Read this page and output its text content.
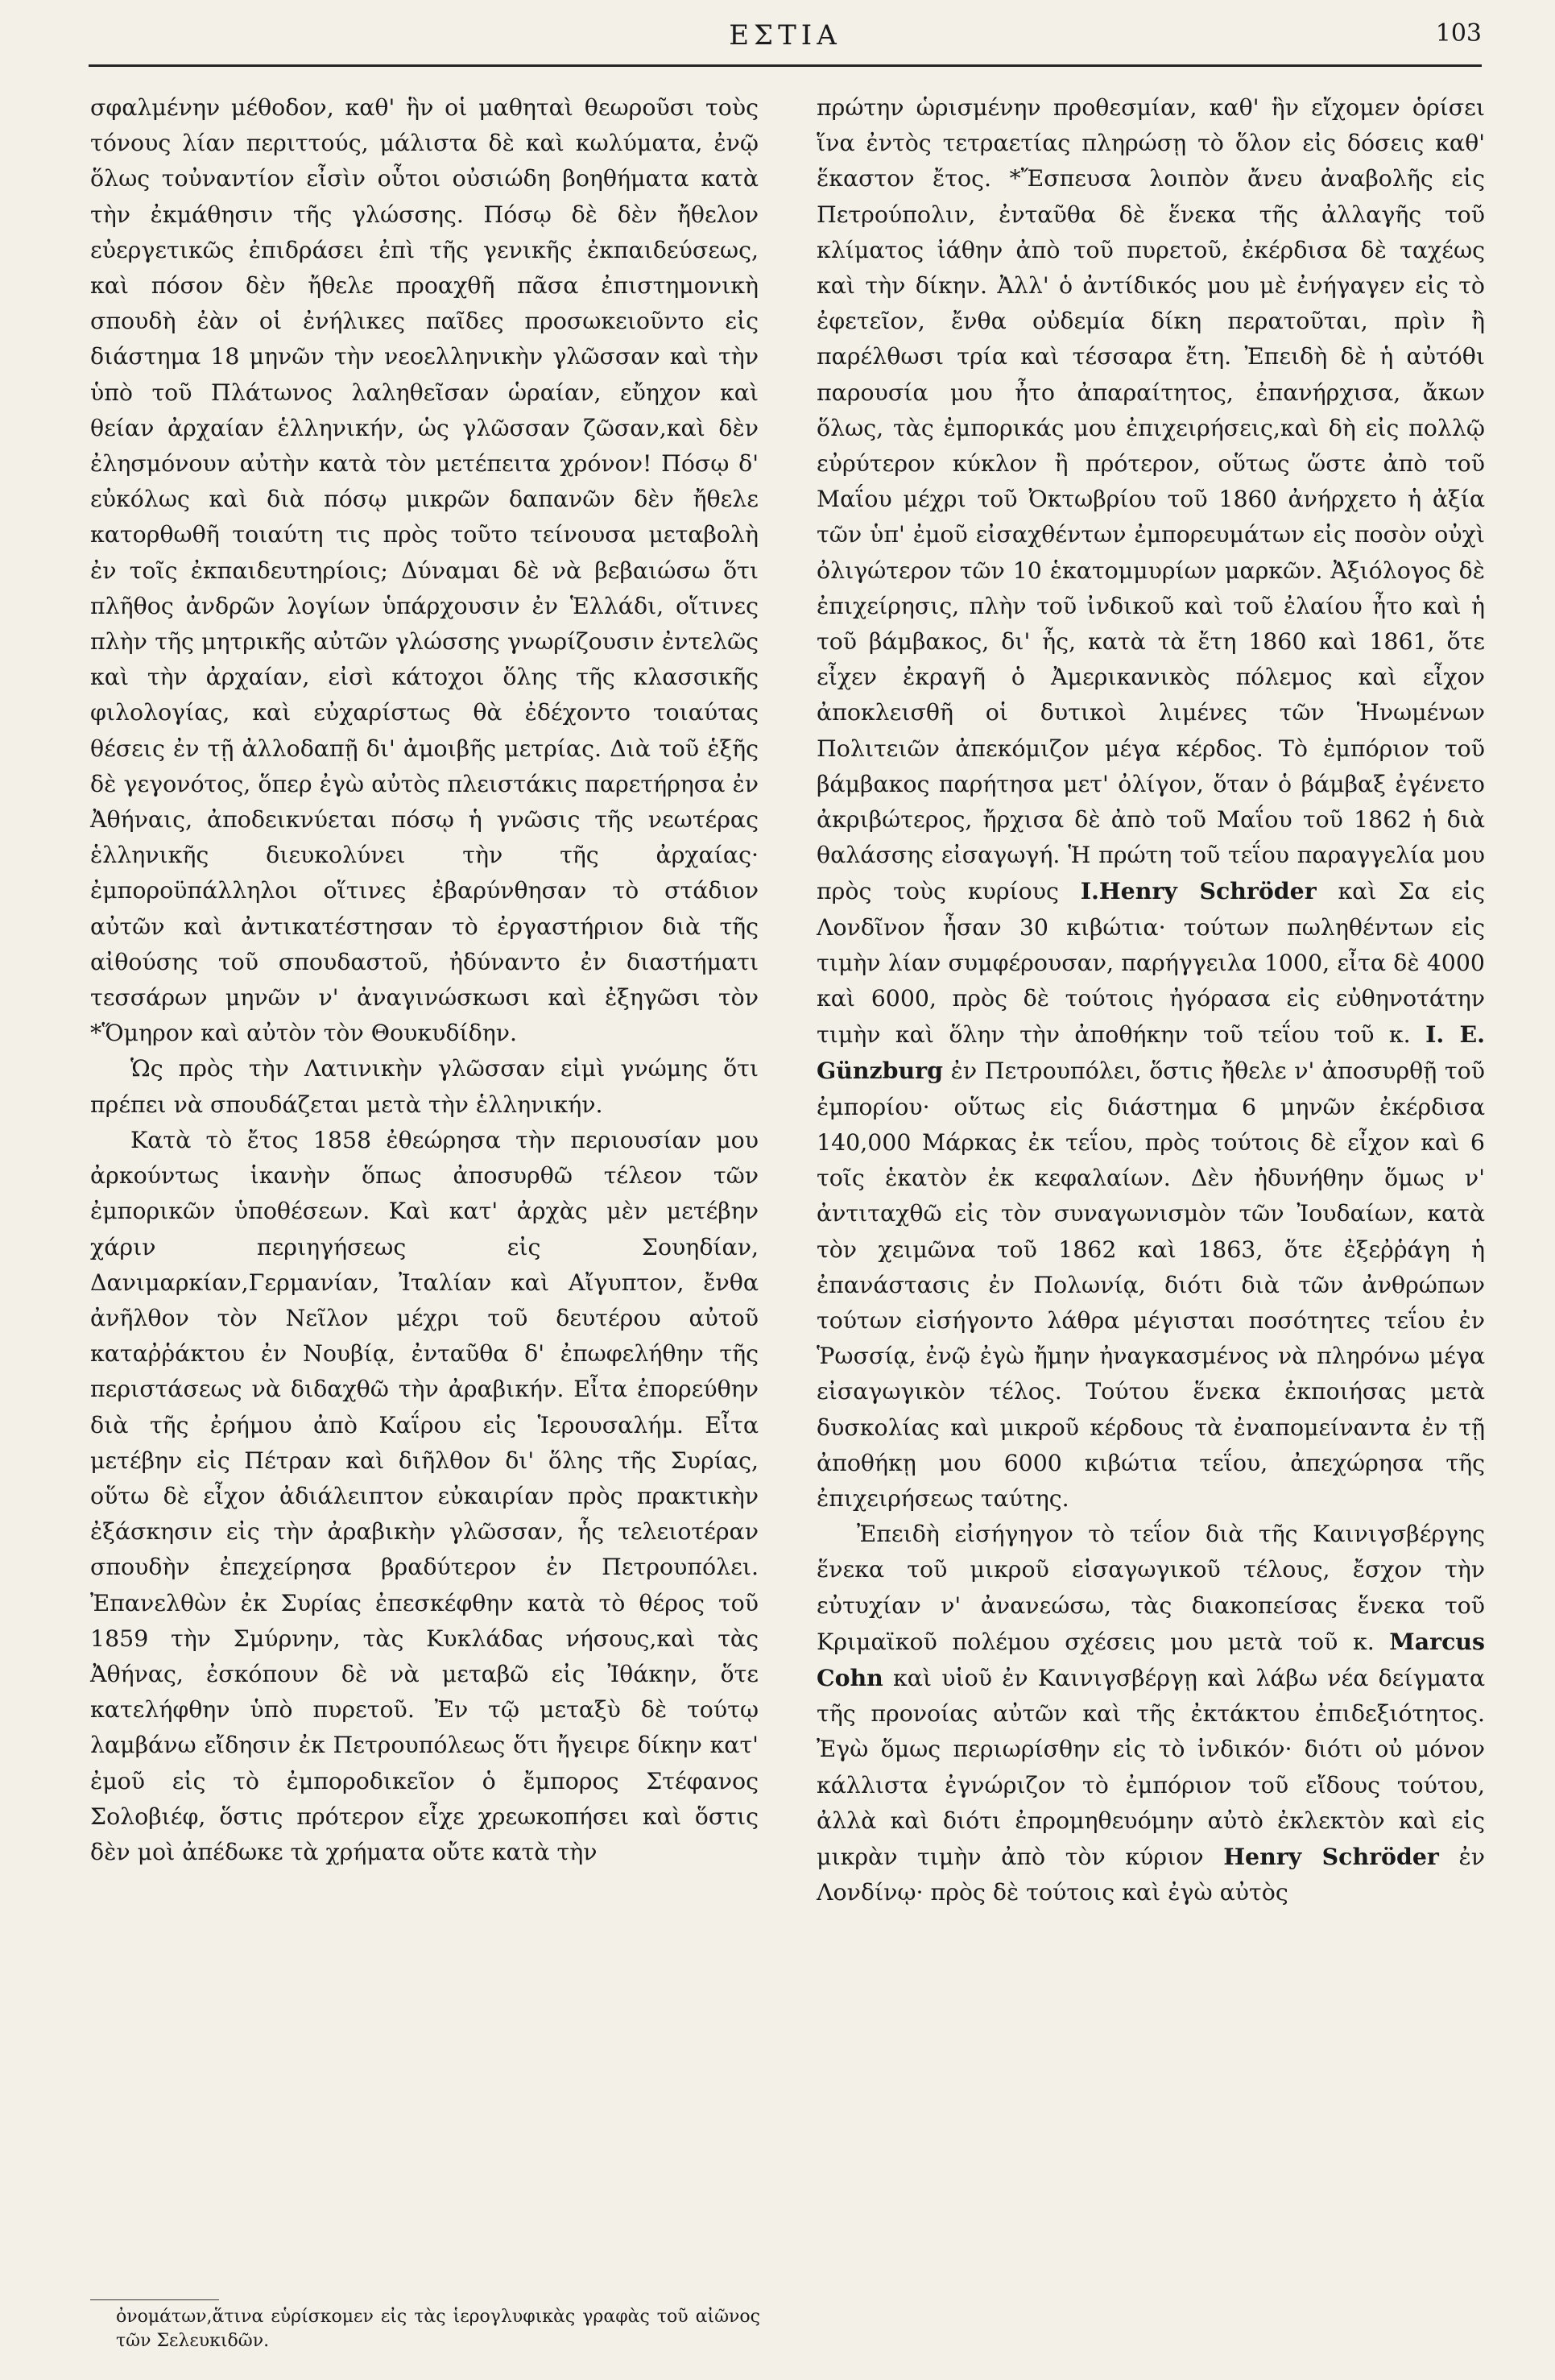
ΕΣΤΙΑ	103

σφαλμένην μέθοδον, καθ' ἣν οἱ μαθηταὶ θεωροῦσι τοὺς τόνους λίαν περιττούς, μάλιστα δὲ καὶ κωλύματα, ἐνῷ ὅλως τοὐναντίον εἶσὶν οὗτοι οὐσιώδη βοηθήματα κατὰ τὴν ἐκμάθησιν τῆς γλώσσης. Πόσῳ δὲ δὲν ἤθελον εὐεργετικῶς ἐπιδράσει ἐπὶ τῆς γενικῆς ἐκπαιδεύσεως, καὶ πόσον δὲν ἤθελε προαχθῆ πᾶσα ἐπιστημονικὴ σπουδὴ ἐὰν οἱ ἐνήλικες παῖδες προσωκειοῦντο εἰς διάστημα 18 μηνῶν τὴν νεοελληνικὴν γλῶσσαν καὶ τὴν ὑπὸ τοῦ Πλάτωνος λαληθεῖσαν ὡραίαν, εὔηχον καὶ θείαν ἀρχαίαν ἑλληνικήν, ὡς γλῶσσαν ζῶσαν,καὶ δὲν ἐλησμόνουν αὐτὴν κατὰ τὸν μετέπειτα χρόνον! Πόσῳ δ' εὐκόλως καὶ διὰ πόσῳ μικρῶν δαπανῶν δὲν ἤθελε κατορθωθῆ τοιαύτη τις πρὸς τοῦτο τείνουσα μεταβολὴ ἐν τοῖς ἐκπαιδευτηρίοις; Δύναμαι δὲ νὰ βεβαιώσω ὅτι πλῆθος ἀνδρῶν λογίων ὑπάρχουσιν ἐν Ἑλλάδι, οἵτινες πλὴν τῆς μητρικῆς αὐτῶν γλώσσης γνωρίζουσιν ἐντελῶς καὶ τὴν ἀρχαίαν, εἰσὶ κάτοχοι ὅλης τῆς κλασσικῆς φιλολογίας, καὶ εὐχαρίστως θὰ ἐδέχοντο τοιαύτας θέσεις ἐν τῇ ἀλλοδαπῇ δι' ἀμοιβῆς μετρίας. Διὰ τοῦ ἑξῆς δὲ γεγονότος, ὅπερ ἐγὼ αὐτὸς πλειστάκις παρετήρησα ἐν Ἀθήναις, ἀποδεικνύεται πόσῳ ἡ γνῶσις τῆς νεωτέρας ἑλληνικῆς διευκολύνει τὴν τῆς ἀρχαίας· ἐμποροϋπάλληλοι οἵτινες ἐβαρύνθησαν τὸ στάδιον αὐτῶν καὶ ἀντικατέστησαν τὸ ἐργαστήριον διὰ τῆς αἰθούσης τοῦ σπουδαστοῦ, ἠδύναντο ἐν διαστήματι τεσσάρων μηνῶν ν' ἀναγινώσκωσι καὶ ἐξηγῶσι τὸν *Ὅμηρον καὶ αὐτὸν τὸν Θουκυδίδην.

Ὡς πρὸς τὴν Λατινικὴν γλῶσσαν εἰμὶ γνώμης ὅτι πρέπει νὰ σπουδάζεται μετὰ τὴν ἑλληνικήν.

Κατὰ τὸ ἔτος 1858 ἐθεώρησα τὴν περιουσίαν μου ἀρκούντως ἱκανὴν ὅπως ἀποσυρθῶ τέλεον τῶν ἐμπορικῶν ὑποθέσεων. Καὶ κατ' ἀρχὰς μὲν μετέβην χάριν περιηγήσεως εἰς Σουηδίαν, Δανιμαρκίαν,Γερμανίαν, Ἰταλίαν καὶ Αἴγυπτον, ἔνθα ἀνῆλθον τὸν Νεῖλον μέχρι τοῦ δευτέρου αὐτοῦ καταῤῥάκτου ἐν Νουβίᾳ, ἐνταῦθα δ' ἐπωφελήθην τῆς περιστάσεως νὰ διδαχθῶ τὴν ἀραβικήν. Εἶτα ἐπορεύθην διὰ τῆς ἐρήμου ἀπὸ Καΐρου εἰς Ἱερουσαλήμ. Εἶτα μετέβην εἰς Πέτραν καὶ διῆλθον δι' ὅλης τῆς Συρίας, οὕτω δὲ εἶχον ἀδιάλειπτον εὐκαιρίαν πρὸς πρακτικὴν ἐξάσκησιν εἰς τὴν ἀραβικὴν γλῶσσαν, ἧς τελειοτέραν σπουδὴν ἐπεχείρησα βραδύτερον ἐν Πετρουπόλει. Ἐπανελθὼν ἐκ Συρίας ἐπεσκέφθην κατὰ τὸ θέρος τοῦ 1859 τὴν Σμύρνην, τὰς Κυκλάδας νήσους,καὶ τὰς Ἀθήνας, ἐσκόπουν δὲ νὰ μεταβῶ εἰς Ἰθάκην, ὅτε κατελήφθην ὑπὸ πυρετοῦ. Ἐν τῷ μεταξὺ δὲ τούτῳ λαμβάνω εἴδησιν ἐκ Πετρουπόλεως ὅτι ἤγειρε δίκην κατ' ἐμοῦ εἰς τὸ ἐμποροδικεῖον ὁ ἔμπορος Στέφανος Σολοβιέφ, ὅστις πρότερον εἶχε χρεωκοπήσει καὶ ὅστις δὲν μοὶ ἀπέδωκε τὰ χρήματα οὔτε κατὰ τὴν

ὀνομάτων,ἅτινα εὑρίσκομεν εἰς τὰς ἱερογλυφικὰς γραφὰς τοῦ αἰῶνος τῶν Σελευκιδῶν.

πρώτην ὡρισμένην προθεσμίαν, καθ' ἣν εἴχομεν ὁρίσει ἵνα ἐντὸς τετραετίας πληρώσῃ τὸ ὅλον εἰς δόσεις καθ' ἕκαστον ἔτος. *Ἔσπευσα λοιπὸν ἄνευ ἀναβολῆς εἰς Πετρούπολιν, ἐνταῦθα δὲ ἕνεκα τῆς ἀλλαγῆς τοῦ κλίματος ἰάθην ἀπὸ τοῦ πυρετοῦ, ἐκέρδισα δὲ ταχέως καὶ τὴν δίκην. Ἀλλ' ὁ ἀντίδικός μου μὲ ἐνήγαγεν εἰς τὸ ἐφετεῖον, ἔνθα οὐδεμία δίκη περατοῦται, πρὶν ἢ παρέλθωσι τρία καὶ τέσσαρα ἔτη. Ἐπειδὴ δὲ ἡ αὐτόθι παρουσία μου ἦτο ἀπαραίτητος, ἐπανήρχισα, ἄκων ὅλως, τὰς ἐμπορικάς μου ἐπιχειρήσεις,καὶ δὴ εἰς πολλῷ εὐρύτερον κύκλον ἢ πρότερον, οὕτως ὥστε ἀπὸ τοῦ Μαΐου μέχρι τοῦ Ὀκτωβρίου τοῦ 1860 ἀνήρχετο ἡ ἀξία τῶν ὑπ' ἐμοῦ εἰσαχθέντων ἐμπορευμάτων εἰς ποσὸν οὐχὶ ὀλιγώτερον τῶν 10 ἑκατομμυρίων μαρκῶν. Ἀξιόλογος δὲ ἐπιχείρησις, πλὴν τοῦ ἰνδικοῦ καὶ τοῦ ἐλαίου ἦτο καὶ ἡ τοῦ βάμβακος, δι' ἧς, κατὰ τὰ ἔτη 1860 καὶ 1861, ὅτε εἶχεν ἐκραγῆ ὁ Ἀμερικανικὸς πόλεμος καὶ εἶχον ἀποκλεισθῆ οἱ δυτικοὶ λιμένες τῶν Ἡνωμένων Πολιτειῶν ἀπεκόμιζον μέγα κέρδος. Τὸ ἐμπόριον τοῦ βάμβακος παρήτησα μετ' ὀλίγον, ὅταν ὁ βάμβαξ ἐγένετο ἀκριβώτερος, ἤρχισα δὲ ἀπὸ τοῦ Μαΐου τοῦ 1862 ἡ διὰ θαλάσσης εἰσαγωγή. Ἡ πρώτη τοῦ τεΐου παραγγελία μου πρὸς τοὺς κυρίους I.Henry Schröder καὶ Σα εἰς Λονδῖνον ἦσαν 30 κιβώτια· τούτων πωληθέντων εἰς τιμὴν λίαν συμφέρουσαν, παρήγγειλα 1000, εἶτα δὲ 4000 καὶ 6000, πρὸς δὲ τούτοις ἠγόρασα εἰς εὐθηνοτάτην τιμὴν καὶ ὅλην τὴν ἀποθήκην τοῦ τεΐου τοῦ κ. I. E. Günzburg ἐν Πετρουπόλει, ὅστις ἤθελε ν' ἀποσυρθῇ τοῦ ἐμπορίου· οὕτως εἰς διάστημα 6 μηνῶν ἐκέρδισα 140,000 Μάρκας ἐκ τεΐου, πρὸς τούτοις δὲ εἶχον καὶ 6 τοῖς ἑκατὸν ἐκ κεφαλαίων. Δὲν ἠδυνήθην ὅμως ν' ἀντιταχθῶ εἰς τὸν συναγωνισμὸν τῶν Ἰουδαίων, κατὰ τὸν χειμῶνα τοῦ 1862 καὶ 1863, ὅτε ἐξεῤῥάγη ἡ ἐπανάστασις ἐν Πολωνίᾳ, διότι διὰ τῶν ἀνθρώπων τούτων εἰσήγοντο λάθρα μέγισται ποσότητες τεΐου ἐν Ῥωσσίᾳ, ἐνῷ ἐγὼ ἤμην ἠναγκασμένος νὰ πληρόνω μέγα εἰσαγωγικὸν τέλος. Τούτου ἕνεκα ἐκποιήσας μετὰ δυσκολίας καὶ μικροῦ κέρδους τὰ ἐναπομείναντα ἐν τῇ ἀποθήκῃ μου 6000 κιβώτια τεΐου, ἀπεχώρησα τῆς ἐπιχειρήσεως ταύτης.

Ἐπειδὴ εἰσήγηγον τὸ τεΐον διὰ τῆς Καινιγσβέργης ἕνεκα τοῦ μικροῦ εἰσαγωγικοῦ τέλους, ἔσχον τὴν εὐτυχίαν ν' ἀνανεώσω, τὰς διακοπείσας ἕνεκα τοῦ Κριμαϊκοῦ πολέμου σχέσεις μου μετὰ τοῦ κ. Marcus Cohn καὶ υἱοῦ ἐν Καινιγσβέργῃ καὶ λάβω νέα δείγματα τῆς προνοίας αὐτῶν καὶ τῆς ἐκτάκτου ἐπιδεξιότητος. Ἐγὼ ὅμως περιωρίσθην εἰς τὸ ἰνδικόν· διότι οὐ μόνον κάλλιστα ἐγνώριζον τὸ ἐμπόριον τοῦ εἴδους τούτου, ἀλλὰ καὶ διότι ἐπρομηθευόμην αὐτὸ ἐκλεκτὸν καὶ εἰς μικρὰν τιμὴν ἀπὸ τὸν κύριον Henry Schröder ἐν Λονδίνῳ· πρὸς δὲ τούτοις καὶ ἐγὼ αὐτὸς
